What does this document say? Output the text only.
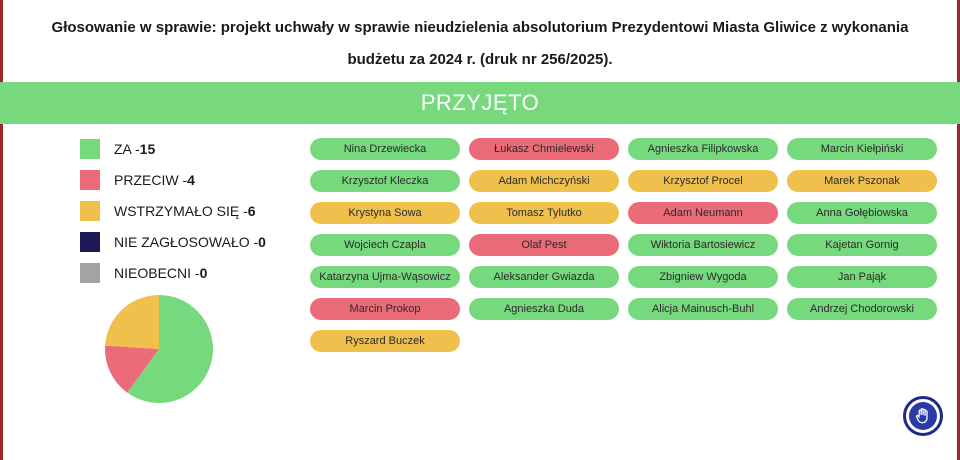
Głosowanie w sprawie: projekt uchwały w sprawie nieudzielenia absolutorium Prezydentowi Miasta Gliwice z wykonania
budżetu za 2024 r. (druk nr 256/2025).
PRZYJĘTO
ZA - 15
PRZECIW - 4
WSTRZYMAŁO SIĘ - 6
NIE ZAGŁOSOWAŁO - 0
NIEOBECNI - 0
Nina Drzewiecka	Łukasz Chmielewski	Agnieszka Filipkowska	Marcin Kiełpiński
Krzysztof Kleczka	Adam Michczyński	Krzysztof Procel	Marek Pszonak
Krystyna Sowa	Tomasz Tylutko	Adam Neumann	Anna Gołębiowska
Wojciech Czapla	Olaf Pest	Wiktoria Bartosiewicz	Kajetan Gornig
Katarzyna Ujma-Wąsowicz	Aleksander Gwiazda	Zbigniew Wygoda	Jan Pająk
Marcin Prokop	Agnieszka Duda	Alicja Mainusch-Buhl	Andrzej Chodorowski
Ryszard Buczek
